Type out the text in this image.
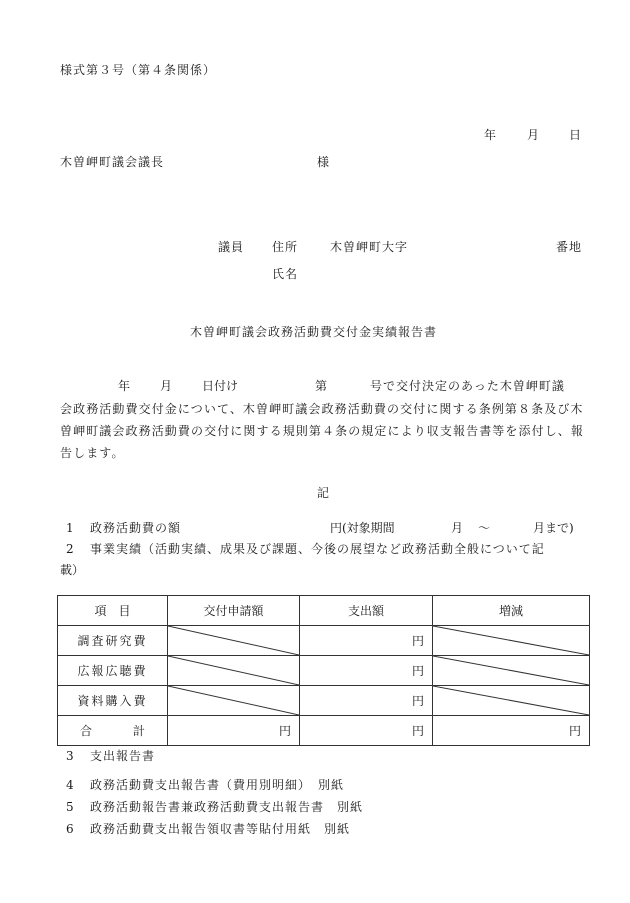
様式第３号（第４条関係）
年	月 日
木曽岬町議会議長	様
議員 住所	木曽岬町大字	番地
氏名
木曽岬町議会政務活動費交付金実績報告書
年 月 日付け	第	号で交付決定のあった木曽岬町議
会政務活動費交付金について、木曽岬町議会政務活動費の交付に関する条例第８条及び木曽岬町議会政務活動費の交付に関する規則第４条の規定により収支報告書等を添付し、報告します。
記
1 政務活動費の額	円(対象期間	月 〜	月まで)
2 事業実績（活動実績、成果及び課題、今後の展望など政務活動全般について記
載）
項　目	交付申請額	支出額	増減
調査研究費		円	

広報広聴費		円	

資料購入費		円	

合 計	円	円	円
3 支出報告書
4 政務活動費支出報告書（費用別明細）　別紙
5 政務活動報告書兼政務活動費支出報告書　別紙
6 政務活動費支出報告領収書等貼付用紙　別紙
